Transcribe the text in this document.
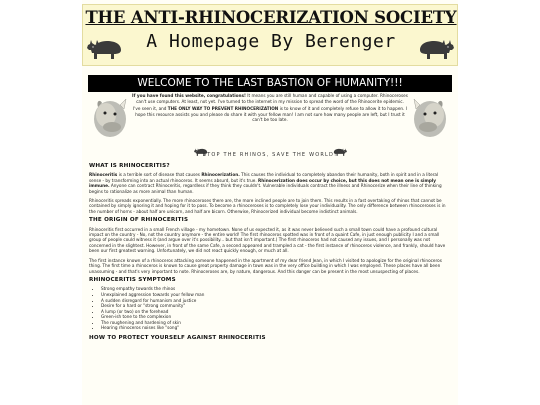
THE ANTI-RHINOCERIZATION SOCIETY
A Homepage By Berenger
WELCOME TO THE LAST BASTION OF HUMANITY!!!

If you have found this website, congratulations! It means you are still human and capable of using a computer. Rhinoceroses can't use computers. At least, not yet. I've turned to the internet in my mission to spread the word of the Rhinocerite epidemic.

I've seen it, and THE ONLY WAY TO PREVENT RHINOCERIZATION is to know of it and completely refuse to allow it to happen. I hope this resource assists you and please do share it with your fellow man! I am not sure how many people are left, but I trust it can't be too late.

STOP THE RHINOS, SAVE THE WORLD!
WHAT IS RHINOCERITIS?

Rhinoceritis is a terrible sort of disease that causes Rhinocerization. This causes the individual to completely abandon their humanity, both in spirit and in a literal sense - by transforming into an actual rhinoceros. It seems absurd, but it's true. Rhinocerization does occur by choice, but this does not mean one is simply immune. Anyone can contract Rhinoceritis, regardless if they think they couldn't. Vulnerable individuals contract the illness and Rhinocerize when their line of thinking begins to rationalize as more animal than human.

Rhinoceritis spreads exponentially. The more rhinoceroses there are, the more inclined people are to join them. This results in a fast overtaking of rhinos that cannot be contained by simply ignoring it and hoping for it to pass. To become a rhinoceroses is to completely lose your individuality. The only difference between rhinoceroses is in the number of horns - about half are unicorn, and half are bicorn. Otherwise, Rhinocerized individual become indistinct animals.

THE ORIGIN OF RHINOCERITIS

Rhinoceritis first occurred in a small French village - my hometown. None of us expected it, as it was never believed such a small town could have a profound cultural impact on the country - No, not the country anymore - the entire world! The first rhinoceros spotted was in front of a quaint Cafe, in just enough publicity I and a small group of people could witness it (and argue over it's possibility... but that isn't important.) The first rhinoceros had not caused any issues, and I personally was not concerned in the slightest. However, in front of the same Cafe, a second appeared and trampled a cat - the first instance of rhinoceros violence, and frankly, should have been our first greatest warning. Unfortunately, we did not react quickly enough, or much at all.

The first instance known of a rhinoceros attacking someone happened in the apartment of my dear friend Jean, in which I visited to apologize for the original rhinoceros thing. The first time a rhinoceros is known to cause great property damage in town was in the very office building in which I was employed. These places have all been unassuming - and that's very important to note. Rhinoceroses are, by nature, dangerous. And this danger can be present in the most unsuspecting of places.

RHINOCERITIS SYMPTOMS
• Strong empathy towards the rhinos
• Unexplained aggression towards your fellow man
• A sudden disregard for humanism and justice
• Desire for a hard or "strong community"
• A lump (or two) on the forehead
• Green-ish tone to the complexion
• The roughening and hardening of skin
• Hearing rhinoceros noises like "song"
HOW TO PROTECT YOURSELF AGAINST RHINOCERITIS
